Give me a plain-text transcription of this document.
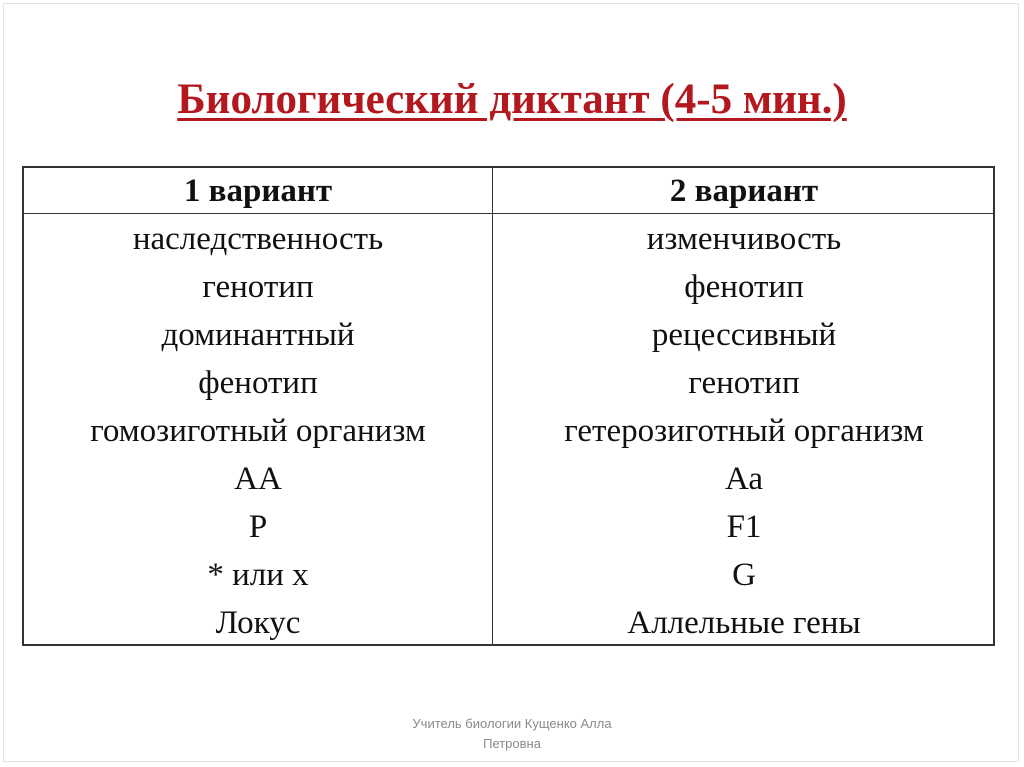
Биологический диктант (4-5 мин.)
1 вариант	2 вариант
наследственность
генотип
доминантный
фенотип
гомозиготный организм
АА
Р
* или х
Локус
изменчивость
фенотип
рецессивный
генотип
гетерозиготный организм
Аа
F1
G
Аллельные гены
Учитель биологии Кущенко Алла
Петровна
